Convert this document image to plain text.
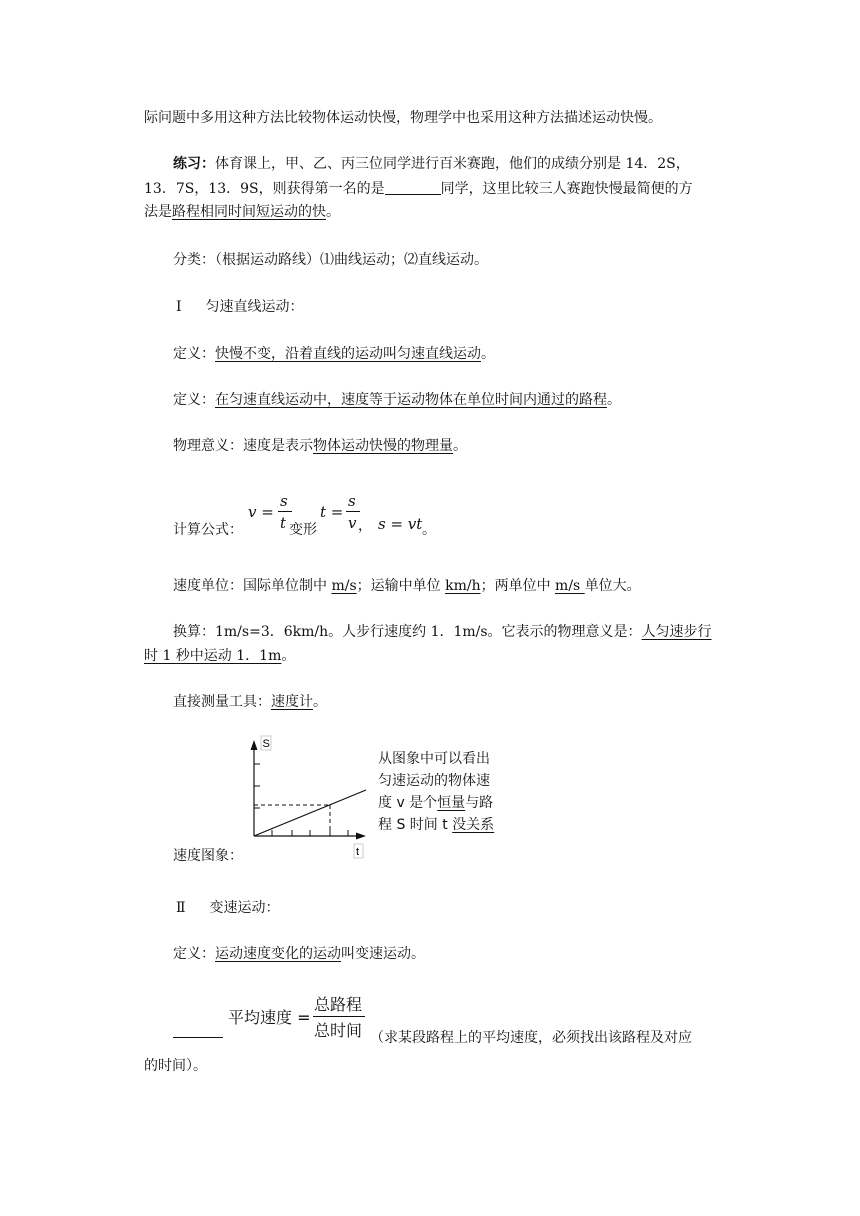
际问题中多用这种方法比较物体运动快慢，物理学中也采用这种方法描述运动快慢。
练习：体育课上，甲、乙、丙三位同学进行百米赛跑，他们的成绩分别是 14．2S，
13．7S，13．9S，则获得第一名的是	同学，这里比较三人赛跑快慢最简便的方
法是路程相同时间短运动的快。
分类：（根据运动路线）⑴曲线运动；⑵直线运动。
Ⅰ 匀速直线运动：
定义：快慢不变，沿着直线的运动叫匀速直线运动。
定义：在匀速直线运动中，速度等于运动物体在单位时间内通过的路程。
物理意义：速度是表示物体运动快慢的物理量。
计算公式：
v =
s
t 变形
t =
s
v ， s = vt 。
速度单位：国际单位制中 m/s；运输中单位 km/h；两单位中 m/s 单位大。
换算：1m/s=3．6km/h。人步行速度约 1．1m/s。它表示的物理意义是：人匀速步行
时 1 秒中运动 1．1m。
直接测量工具：速度计。
S
t
从图象中可以看出
匀速运动的物体速
度 v 是个恒量与路
程 S 时间 t 没关系
速度图象：
Ⅱ 变速运动：
定义：运动速度变化的运动叫变速运动。
平均速度 =
总路程
总时间 （求某段路程上的平均速度，必须找出该路程及对应
的时间）。
